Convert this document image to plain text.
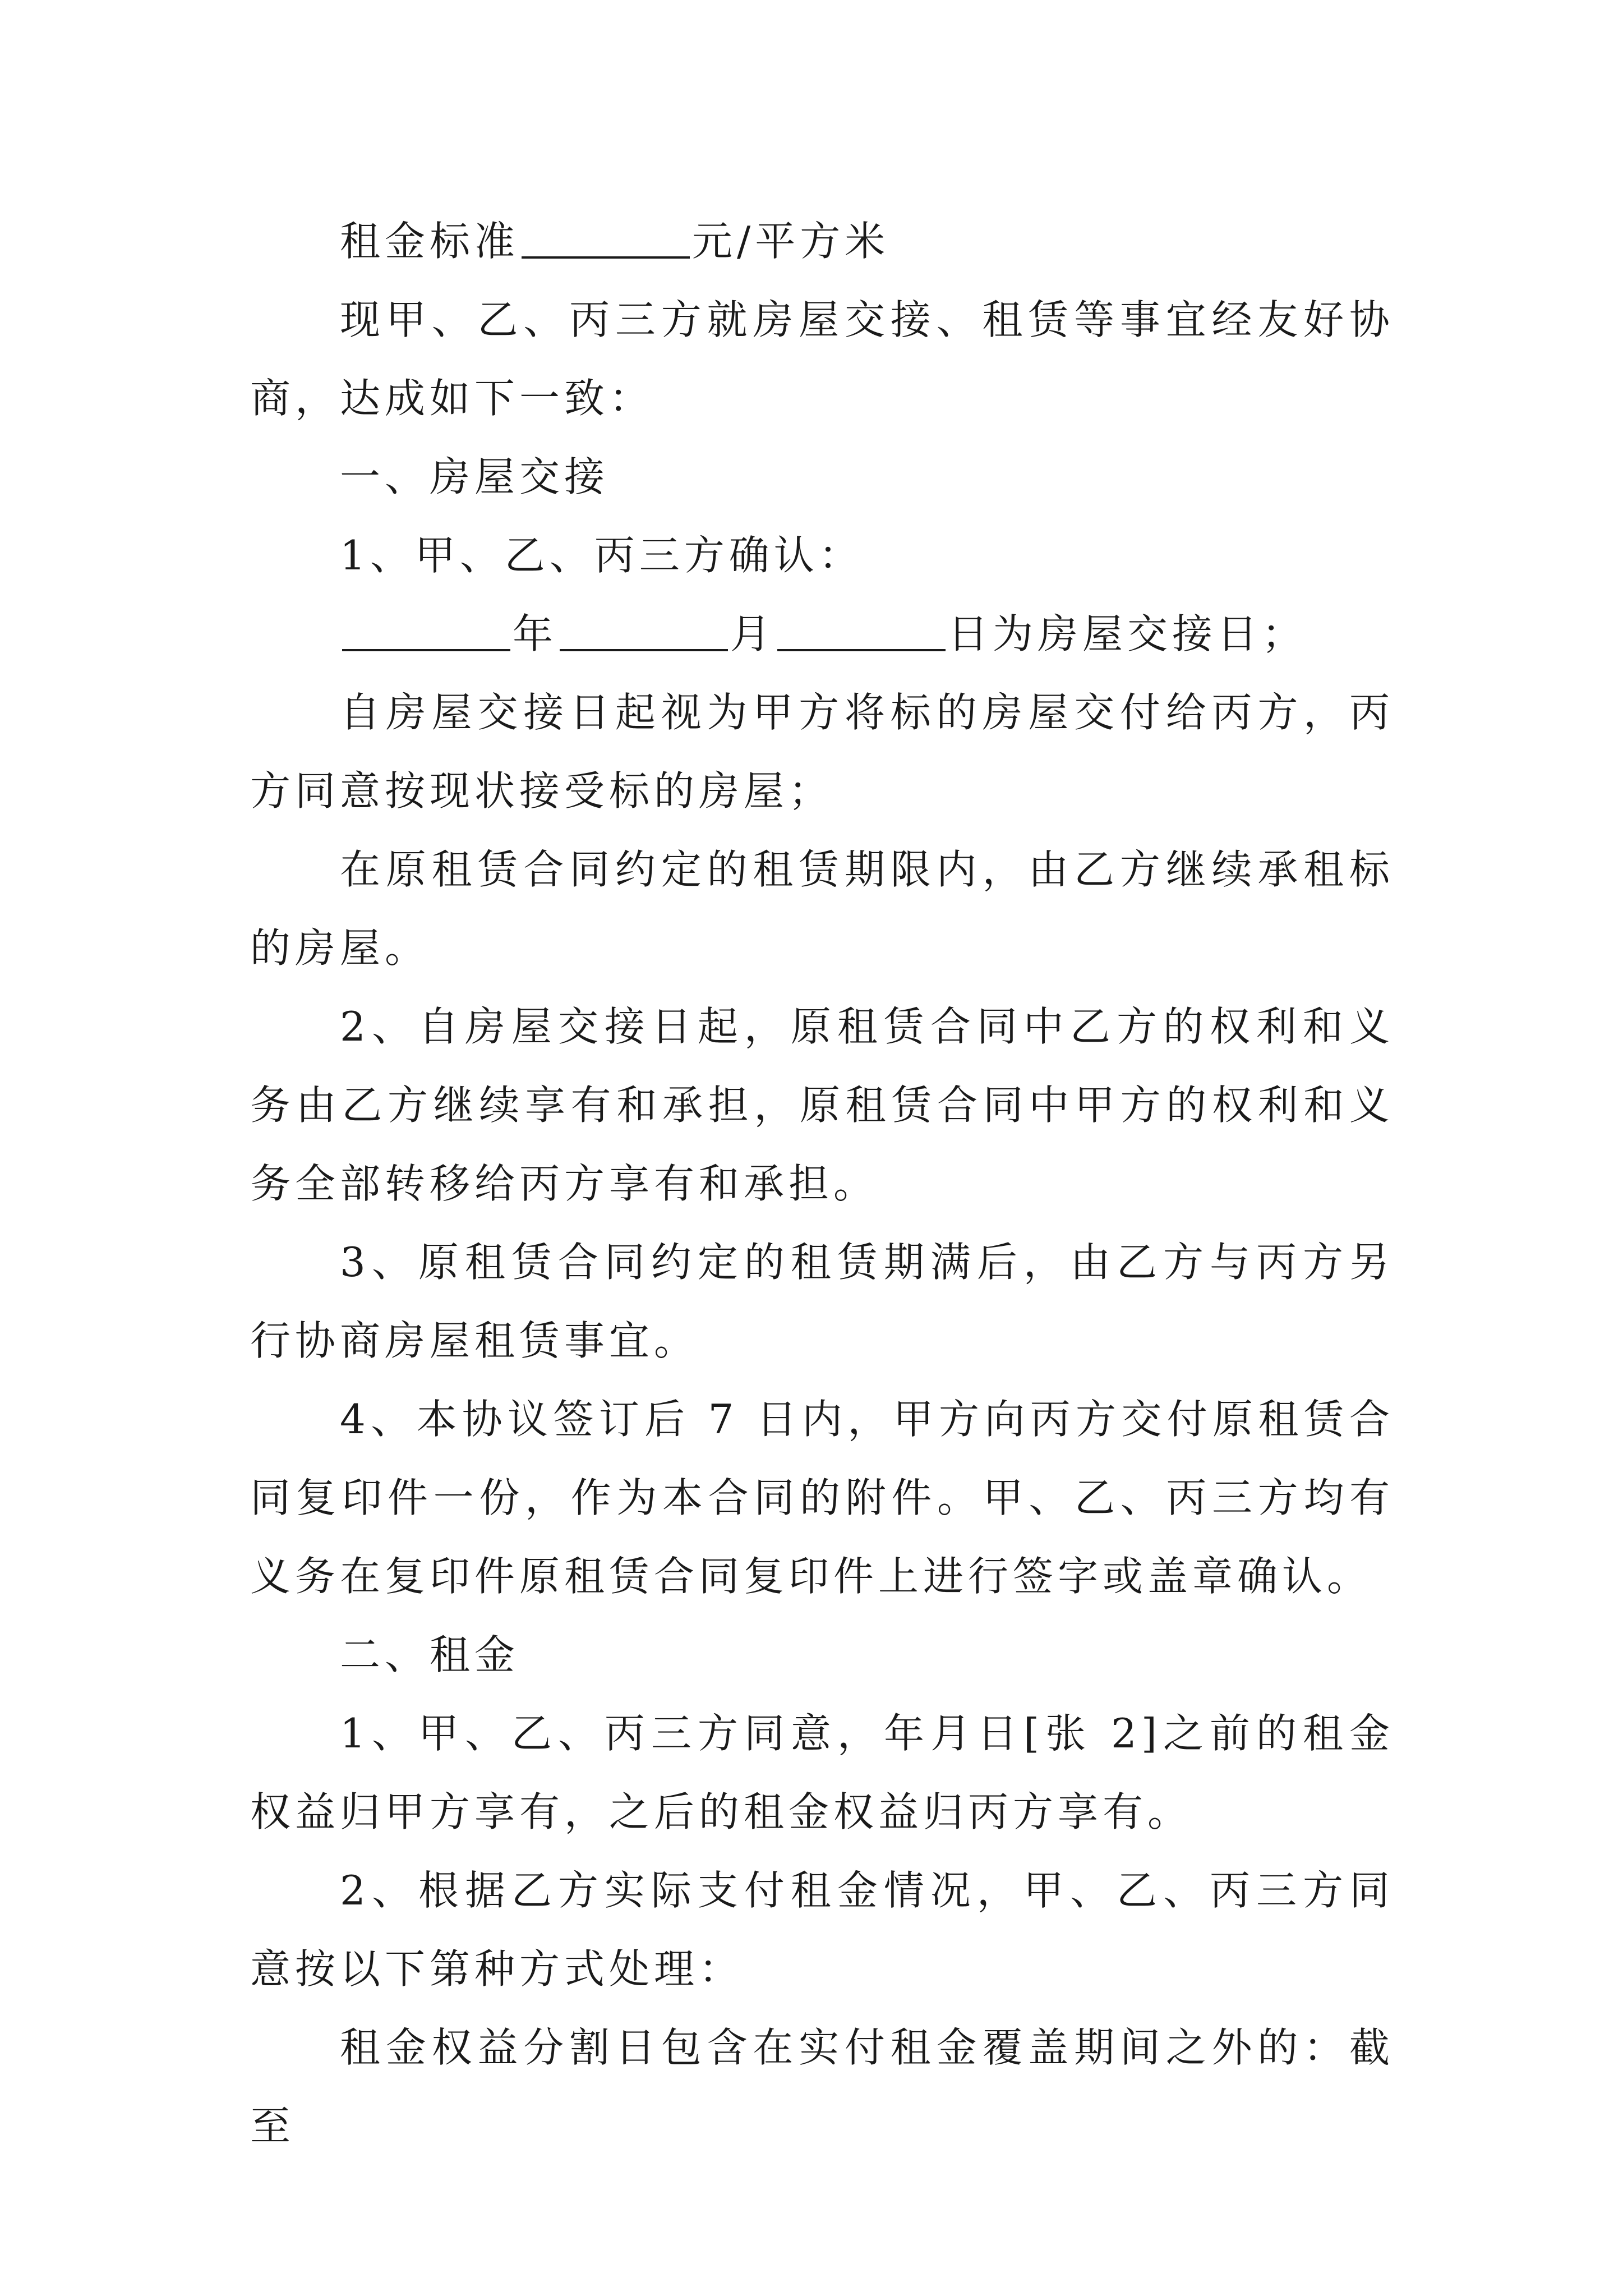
租金标准	元/平方米

现甲、乙、丙三方就房屋交接、租赁等事宜经友好协商，达成如下一致：

一、房屋交接

1、甲、乙、丙三方确认：

年	月	日为房屋交接日；

自房屋交接日起视为甲方将标的房屋交付给丙方，丙方同意按现状接受标的房屋；

在原租赁合同约定的租赁期限内，由乙方继续承租标的房屋。

2、自房屋交接日起，原租赁合同中乙方的权利和义务由乙方继续享有和承担，原租赁合同中甲方的权利和义务全部转移给丙方享有和承担。

3、原租赁合同约定的租赁期满后，由乙方与丙方另行协商房屋租赁事宜。

4、本协议签订后 7 日内，甲方向丙方交付原租赁合同复印件一份，作为本合同的附件。甲、乙、丙三方均有义务在复印件原租赁合同复印件上进行签字或盖章确认。

二、租金

1、甲、乙、丙三方同意，年月日[张 2]之前的租金权益归甲方享有，之后的租金权益归丙方享有。

2、根据乙方实际支付租金情况，甲、乙、丙三方同意按以下第种方式处理：

租金权益分割日包含在实付租金覆盖期间之外的：截至
